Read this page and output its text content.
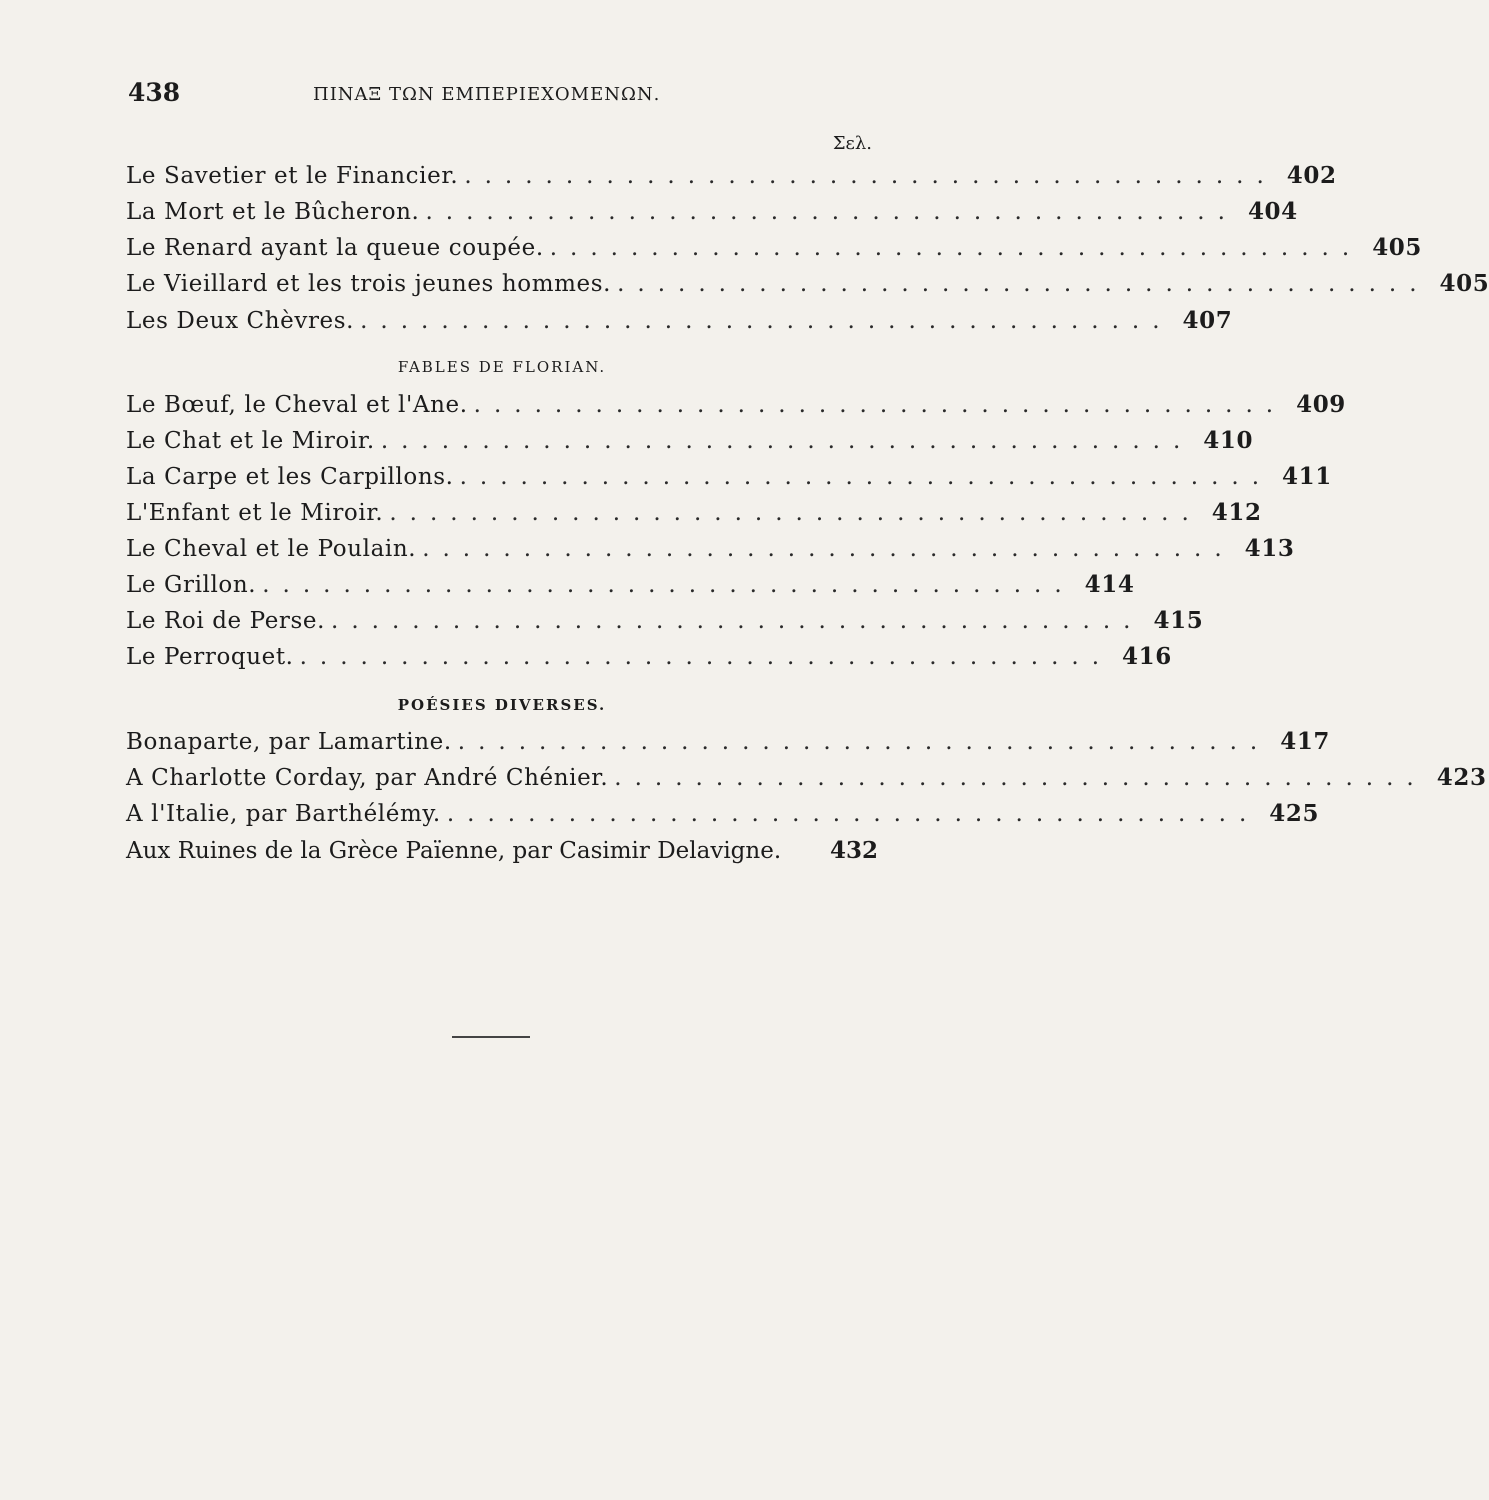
438	ΠΙΝΑΞ ΤΩΝ ΕΜΠΕΡΙΕΧΟΜΕΝΩΝ.
Σελ.
Le Savetier et le Financier. ........................................ 402
La Mort et le Bûcheron. ........................................ 404
Le Renard ayant la queue coupée. ........................................ 405
Le Vieillard et les trois jeunes hommes. ........................................ 405
Les Deux Chèvres. ........................................ 407
FABLES DE FLORIAN.
Le Bœuf, le Cheval et l'Ane. ........................................ 409
Le Chat et le Miroir. ........................................ 410
La Carpe et les Carpillons. ........................................ 411
L'Enfant et le Miroir. ........................................ 412
Le Cheval et le Poulain. ........................................ 413
Le Grillon. ........................................ 414
Le Roi de Perse. ........................................ 415
Le Perroquet. ........................................ 416
POÉSIES DIVERSES.
Bonaparte, par Lamartine. ........................................ 417
A Charlotte Corday, par André Chénier. ........................................ 423
A l'Italie, par Barthélémy. ........................................ 425
Aux Ruines de la Grèce Païenne, par Casimir Delavigne. 432
